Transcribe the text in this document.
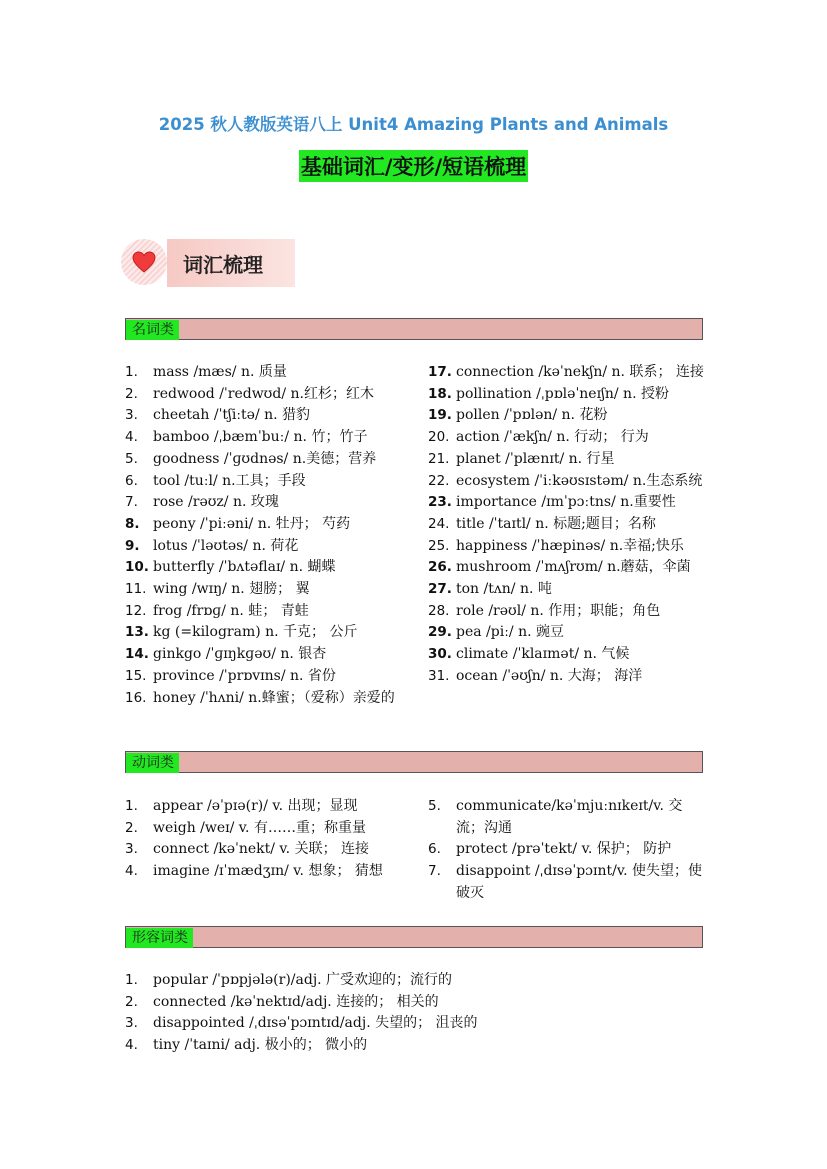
2025 秋人教版英语八上 Unit4 Amazing Plants and Animals
基础词汇/变形/短语梳理
词汇梳理
名词类
1. mass /mæs/ n. 质量
2. redwood /ˈredwʊd/ n.红杉；红木
3. cheetah /ˈtʃiːtə/ n. 猎豹
4. bamboo /ˌbæmˈbuː/ n. 竹；竹子
5. goodness /ˈɡʊdnəs/ n.美德；营养
6. tool /tuːl/ n.工具；手段
7. rose /rəʊz/ n. 玫瑰
8. peony /ˈpiːəni/ n. 牡丹； 芍药
9. lotus /ˈləʊtəs/ n. 荷花
10. butterfly /ˈbʌtəflaɪ/ n. 蝴蝶
11. wing /wɪŋ/ n. 翅膀； 翼
12. frog /frɒɡ/ n. 蛙； 青蛙
13. kg (=kilogram) n. 千克； 公斤
14. ginkgo /ˈɡɪŋkɡəʊ/ n. 银杏
15. province /ˈprɒvɪns/ n. 省份
16. honey /ˈhʌni/ n.蜂蜜；（爱称）亲爱的
17. connection /kəˈnekʃn/ n. 联系； 连接
18. pollination /ˌpɒləˈneɪʃn/ n. 授粉
19. pollen /ˈpɒlən/ n. 花粉
20. action /ˈækʃn/ n. 行动； 行为
21. planet /ˈplænɪt/ n. 行星
22. ecosystem /ˈiːkəʊsɪstəm/ n.生态系统
23. importance /ɪmˈpɔːtns/ n.重要性
24. title /ˈtaɪtl/ n. 标题;题目；名称
25. happiness /ˈhæpinəs/ n.幸福;快乐
26. mushroom /ˈmʌʃrʊm/ n.蘑菇，伞菌
27. ton /tʌn/ n. 吨
28. role /rəʊl/ n. 作用；职能；角色
29. pea /piː/ n. 豌豆
30. climate /ˈklaɪmət/ n. 气候
31. ocean /ˈəʊʃn/ n. 大海； 海洋
动词类
1. appear /əˈpɪə(r)/ v. 出现；显现
2. weigh /weɪ/ v. 有……重；称重量
3. connect /kəˈnekt/ v. 关联； 连接
4. imagine /ɪˈmædʒɪn/ v. 想象； 猜想
5. communicate/kəˈmjuːnɪkeɪt/v. 交流；沟通
6. protect /prəˈtekt/ v. 保护； 防护
7. disappoint /ˌdɪsəˈpɔɪnt/v. 使失望；使破灭
形容词类
1. popular /ˈpɒpjələ(r)/adj. 广受欢迎的；流行的
2. connected /kəˈnektɪd/adj. 连接的； 相关的
3. disappointed /ˌdɪsəˈpɔɪntɪd/adj. 失望的； 沮丧的
4. tiny /ˈtaɪni/ adj. 极小的； 微小的
